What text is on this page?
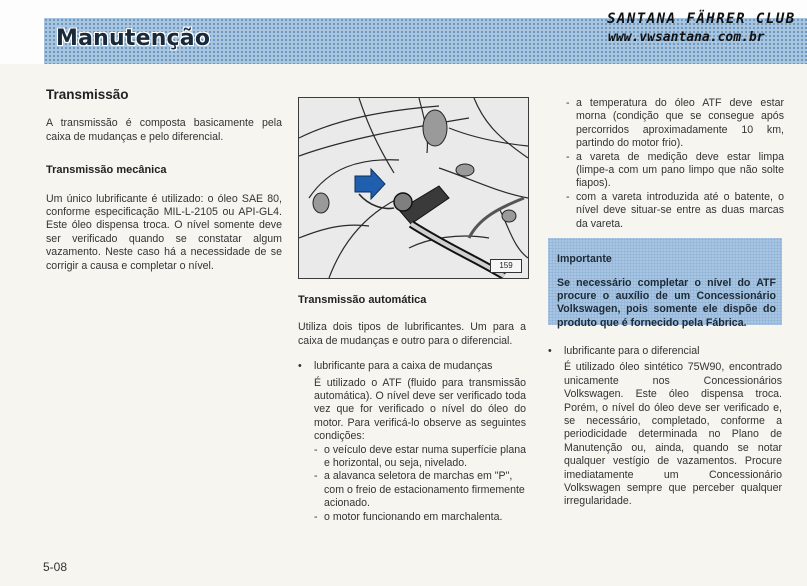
Manutenção
SANTANA FÄHRER CLUB
www.vwsantana.com.br

Transmissão

A transmissão é composta basicamente pela caixa de mudanças e pelo diferencial.

Transmissão mecânica

Um único lubrificante é utilizado: o óleo SAE 80, conforme especificação MIL-L-2105 ou API-GL4. Este óleo dispensa troca. O nível somente deve ser verificado quando se constatar algum vazamento. Neste caso há a necessidade de se corrigir a causa e completar o nível.	159

Transmissão automática

Utiliza dois tipos de lubrificantes. Um para a caixa de mudanças e outro para o diferencial.

• lubrificante para a caixa de mudanças

É utilizado o ATF (fluido para transmissão automática). O nível deve ser verificado toda vez que for verificado o nível do óleo do motor. Para verificá-lo observe as seguintes condições:

- o veículo deve estar numa superfície plana e horizontal, ou seja, nivelado.
- a alavanca seletora de marchas em "P", com o freio de estacionamento firmemente acionado.
- o motor funcionando em marchalenta.
- a temperatura do óleo ATF deve estar morna (condição que se consegue após percorridos aproximadamente 10 km, partindo do motor frio).
- a vareta de medição deve estar limpa (limpe-a com um pano limpo que não solte fiapos).
- com a vareta introduzida até o batente, o nível deve situar-se entre as duas marcas da vareta.

Importante

Se necessário completar o nível do ATF procure o auxílio de um Concessionário Volkswagen, pois somente ele dispõe do produto que é fornecido pela Fábrica.

• lubrificante para o diferencial

É utilizado óleo sintético 75W90, encontrado unicamente nos Concessionários Volkswagen. Este óleo dispensa troca. Porém, o nível do óleo deve ser verificado e, se necessário, completado, conforme a periodicidade determinada no Plano de Manutenção ou, ainda, quando se notar qualquer vestígio de vazamentos. Procure imediatamente um Concessionário Volkswagen sempre que perceber qualquer irregularidade.

5-08
